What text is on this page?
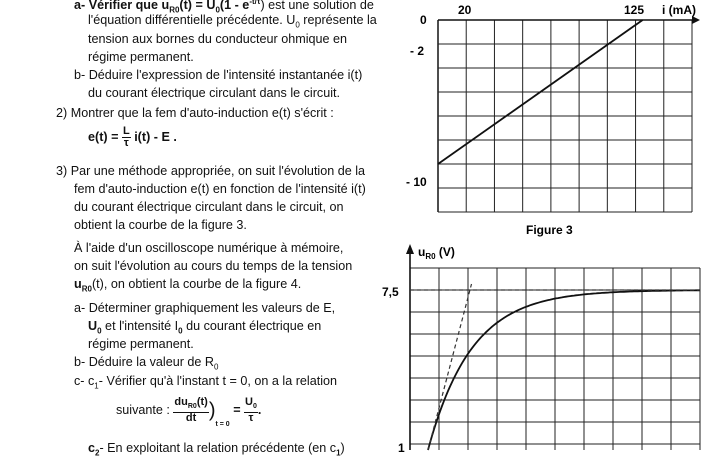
a- Vérifier que $u_{R0}(t) = U_0(1 - e^{-t/\tau})$ est une solution de
l'équation différentielle précédente. $U_0$ représente la
tension aux bornes du conducteur ohmique en
régime permanent.
b- Déduire l'expression de l'intensité instantanée i(t)
du courant électrique circulant dans le circuit.
2) Montrer que la fem d'auto-induction e(t) s'écrit :
$e(t) = \frac{L}{\tau} i(t) - E$ .
3) Par une méthode appropriée, on suit l'évolution de la
fem d'auto-induction e(t) en fonction de l'intensité i(t)
du courant électrique circulant dans le circuit, on
obtient la courbe de la figure 3.
À l'aide d'un oscilloscope numérique à mémoire,
on suit l'évolution au cours du temps de la tension
$u_{R0}(t)$, on obtient la courbe de la figure 4.
a- Déterminer graphiquement les valeurs de E,
$U_0$ et l'intensité $I_0$ du courant électrique en
régime permanent.
b- Déduire la valeur de $R_0$
c- $c_1-$ Vérifier qu'à l'instant t = 0, on a la relation
suivante : $\frac{du_{R0}(t)}{dt} )_{t = 0} = \frac{U_0}{\tau}$ .
$c_2-$ En exploitant la relation précédente (en $c_1$)
20	125 i (mA)
0
- 2
- 10
Figure 3
$u_{R0}$ (V)
7,5
1
